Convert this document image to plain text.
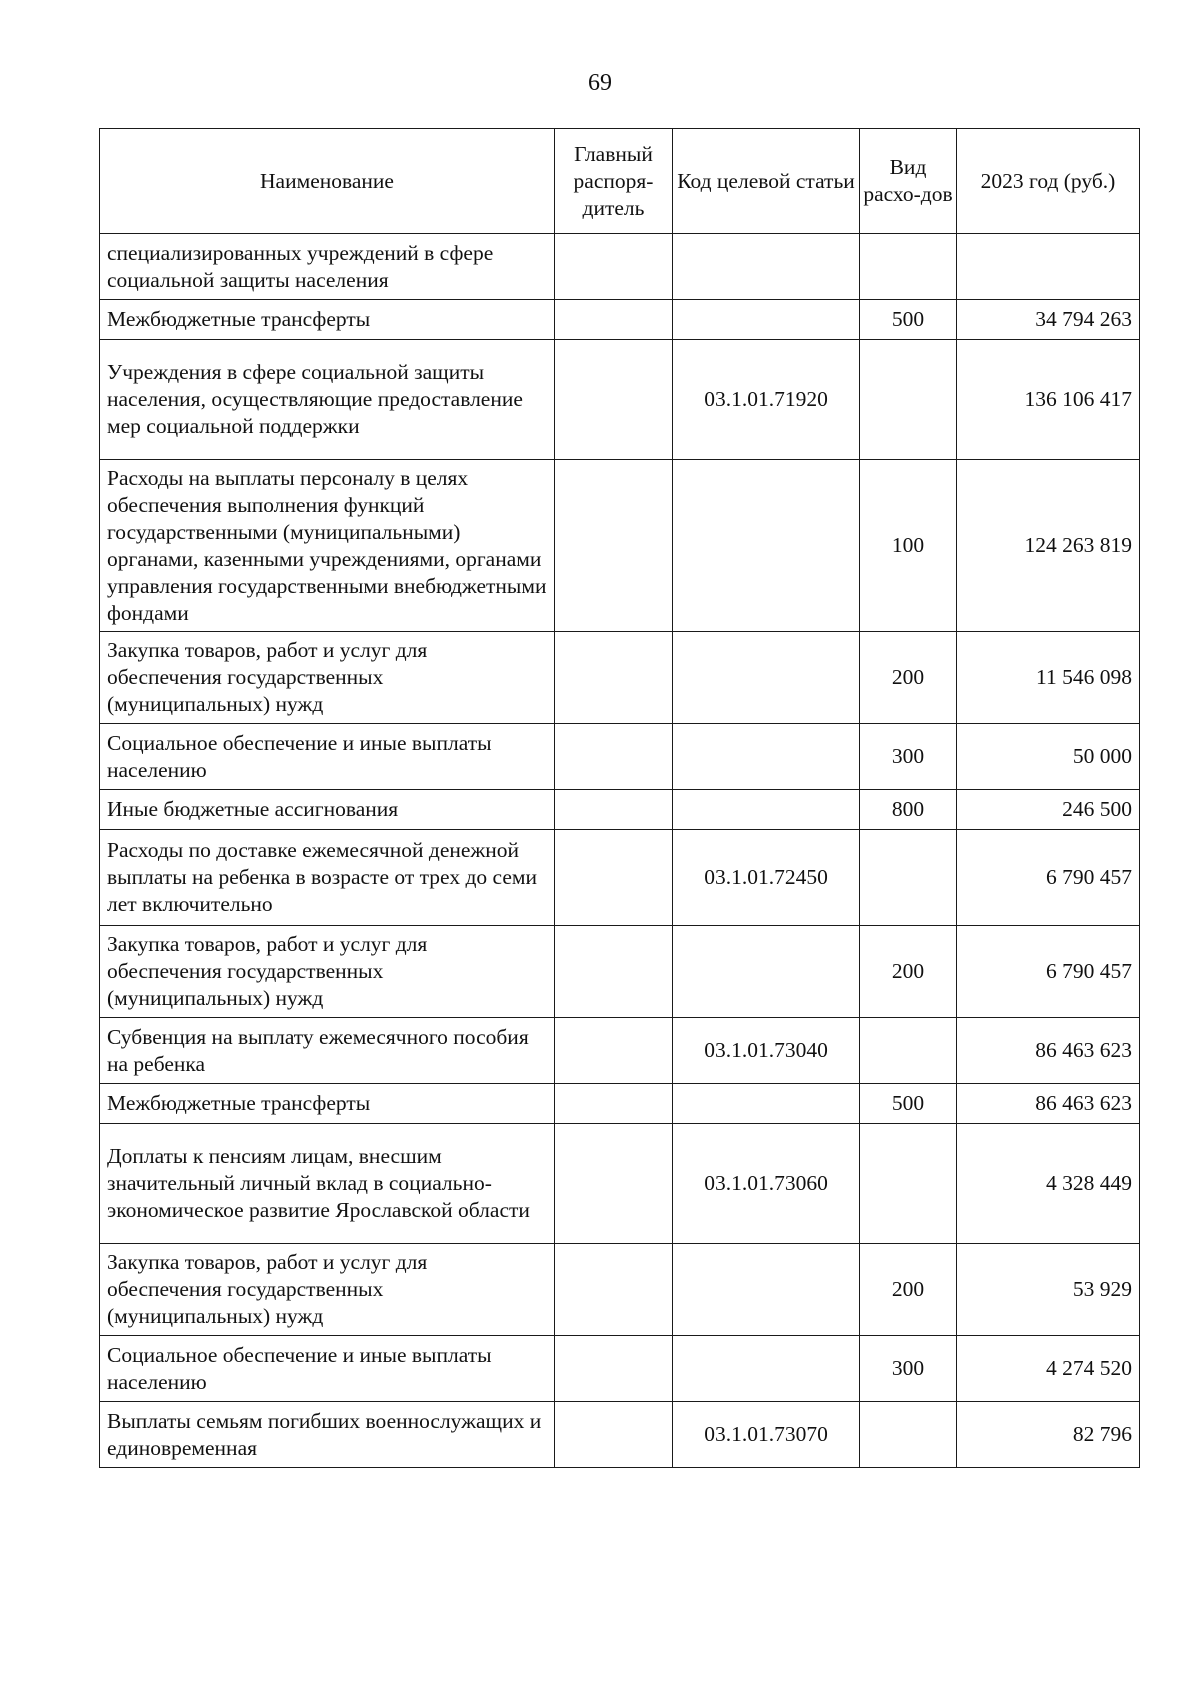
69
Наименование	Главный распоря-дитель	Код целевой статьи	Вид расхо-дов	2023 год (руб.)
специализированных учреждений в сфере социальной защиты населения				
Межбюджетные трансферты			500	34 794 263
Учреждения в сфере социальной защиты населения, осуществляющие предоставление мер социальной поддержки		03.1.01.71920		136 106 417
Расходы на выплаты персоналу в целях обеспечения выполнения функций государственными (муниципальными) органами, казенными учреждениями, органами управления государственными внебюджетными фондами			100	124 263 819
Закупка товаров, работ и услуг для обеспечения государственных (муниципальных) нужд			200	11 546 098
Социальное обеспечение и иные выплаты населению			300	50 000
Иные бюджетные ассигнования			800	246 500
Расходы по доставке ежемесячной денежной выплаты на ребенка в возрасте от трех до семи лет включительно		03.1.01.72450		6 790 457
Закупка товаров, работ и услуг для обеспечения государственных (муниципальных) нужд			200	6 790 457
Субвенция на выплату ежемесячного пособия на ребенка		03.1.01.73040		86 463 623
Межбюджетные трансферты			500	86 463 623
Доплаты к пенсиям лицам, внесшим значительный личный вклад в социально-экономическое развитие Ярославской области		03.1.01.73060		4 328 449
Закупка товаров, работ и услуг для обеспечения государственных (муниципальных) нужд			200	53 929
Социальное обеспечение и иные выплаты населению			300	4 274 520
Выплаты семьям погибших военнослужащих и единовременная		03.1.01.73070		82 796
